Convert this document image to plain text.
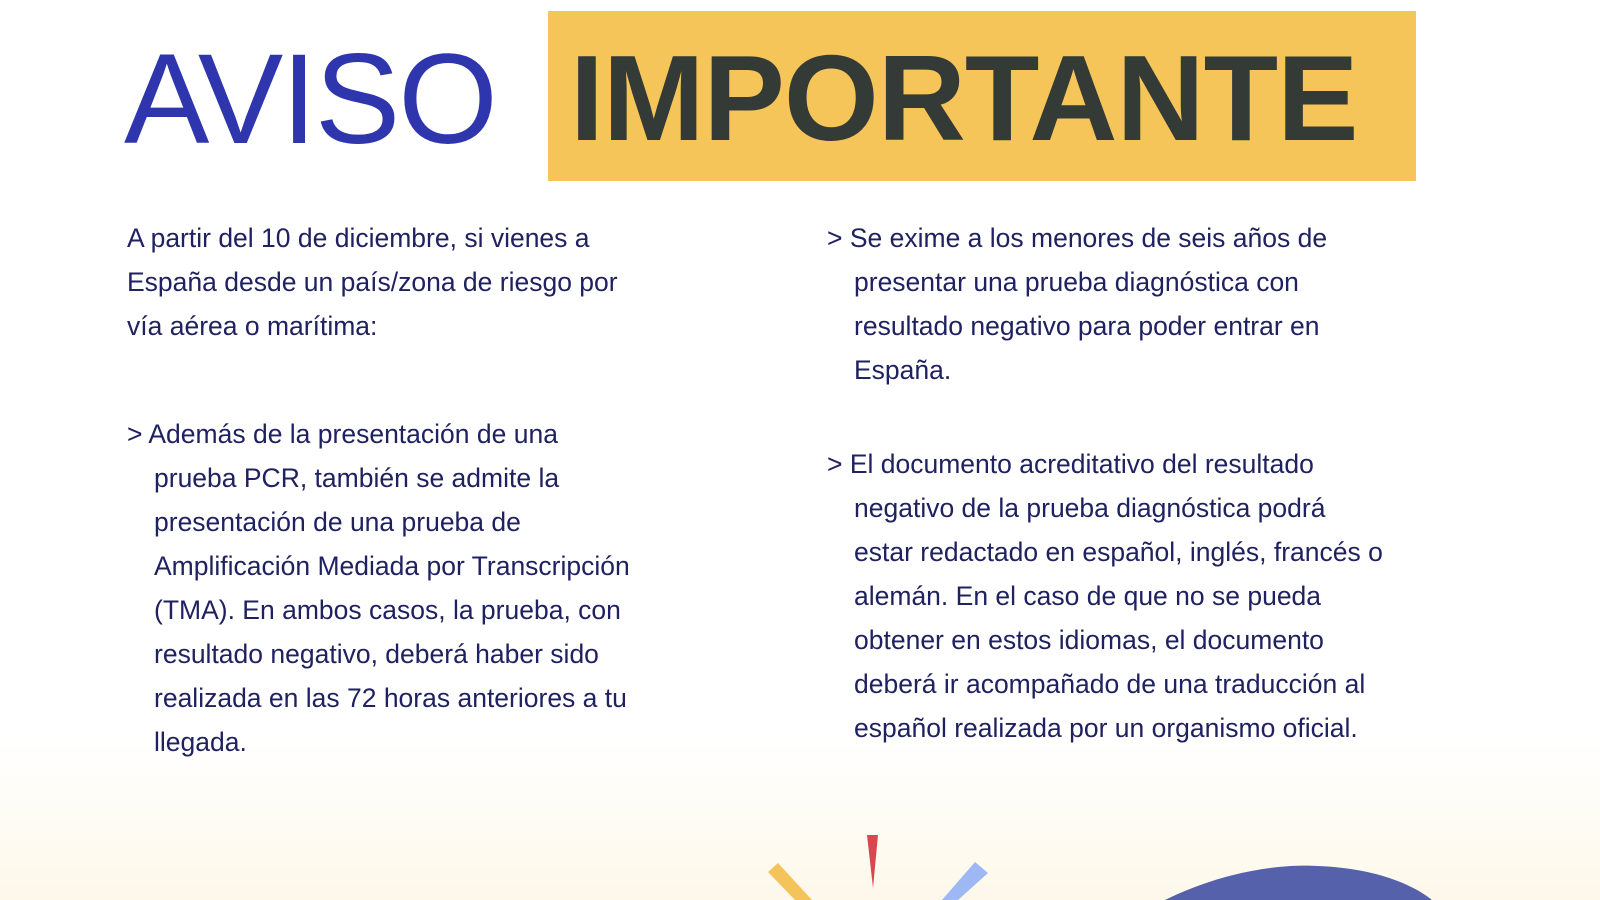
AVISO IMPORTANTE

A partir del 10 de diciembre, si vienes a España desde un país/zona de riesgo por vía aérea o marítima:

> Además de la presentación de una prueba PCR, también se admite la presentación de una prueba de Amplificación Mediada por Transcripción (TMA). En ambos casos, la prueba, con resultado negativo, deberá haber sido realizada en las 72 horas anteriores a tu llegada.

> Se exime a los menores de seis años de presentar una prueba diagnóstica con resultado negativo para poder entrar en España.

> El documento acreditativo del resultado negativo de la prueba diagnóstica podrá estar redactado en español, inglés, francés o alemán. En el caso de que no se pueda obtener en estos idiomas, el documento deberá ir acompañado de una traducción al español realizada por un organismo oficial.
